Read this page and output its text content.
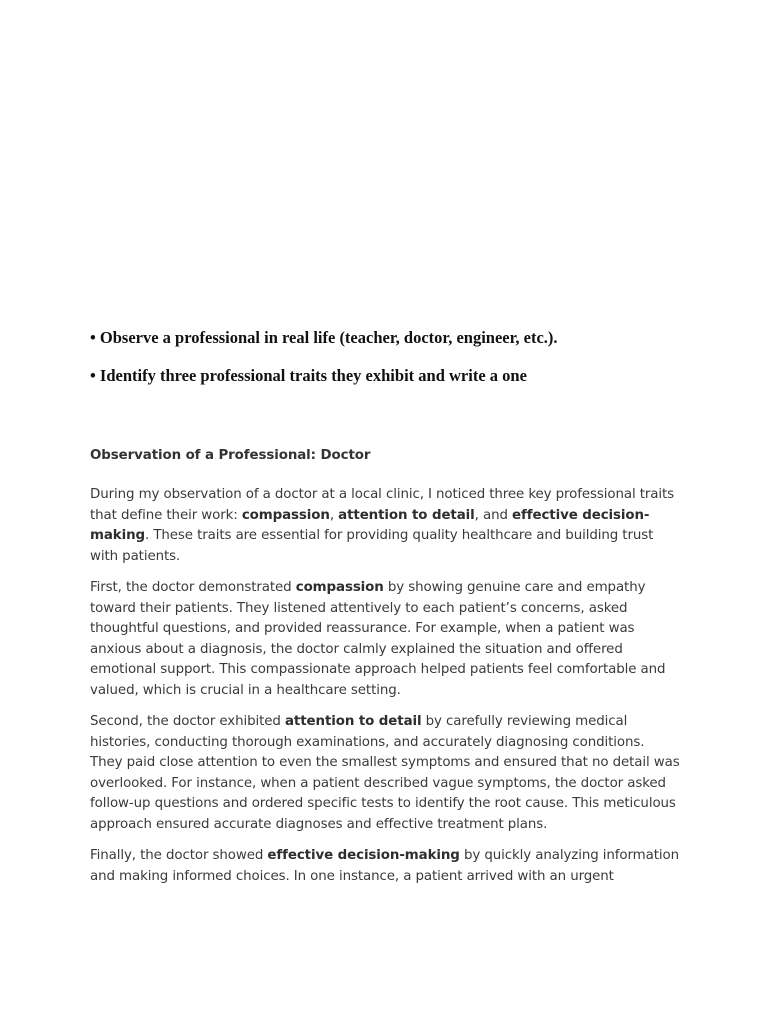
• Observe a professional in real life (teacher, doctor, engineer, etc.).

• Identify three professional traits they exhibit and write a one

Observation of a Professional: Doctor

During my observation of a doctor at a local clinic, I noticed three key professional traits that define their work: compassion, attention to detail, and effective decision-making. These traits are essential for providing quality healthcare and building trust with patients.

First, the doctor demonstrated compassion by showing genuine care and empathy toward their patients. They listened attentively to each patient’s concerns, asked thoughtful questions, and provided reassurance. For example, when a patient was anxious about a diagnosis, the doctor calmly explained the situation and offered emotional support. This compassionate approach helped patients feel comfortable and valued, which is crucial in a healthcare setting.

Second, the doctor exhibited attention to detail by carefully reviewing medical histories, conducting thorough examinations, and accurately diagnosing conditions. They paid close attention to even the smallest symptoms and ensured that no detail was overlooked. For instance, when a patient described vague symptoms, the doctor asked follow-up questions and ordered specific tests to identify the root cause. This meticulous approach ensured accurate diagnoses and effective treatment plans.

Finally, the doctor showed effective decision-making by quickly analyzing information and making informed choices. In one instance, a patient arrived with an urgent
